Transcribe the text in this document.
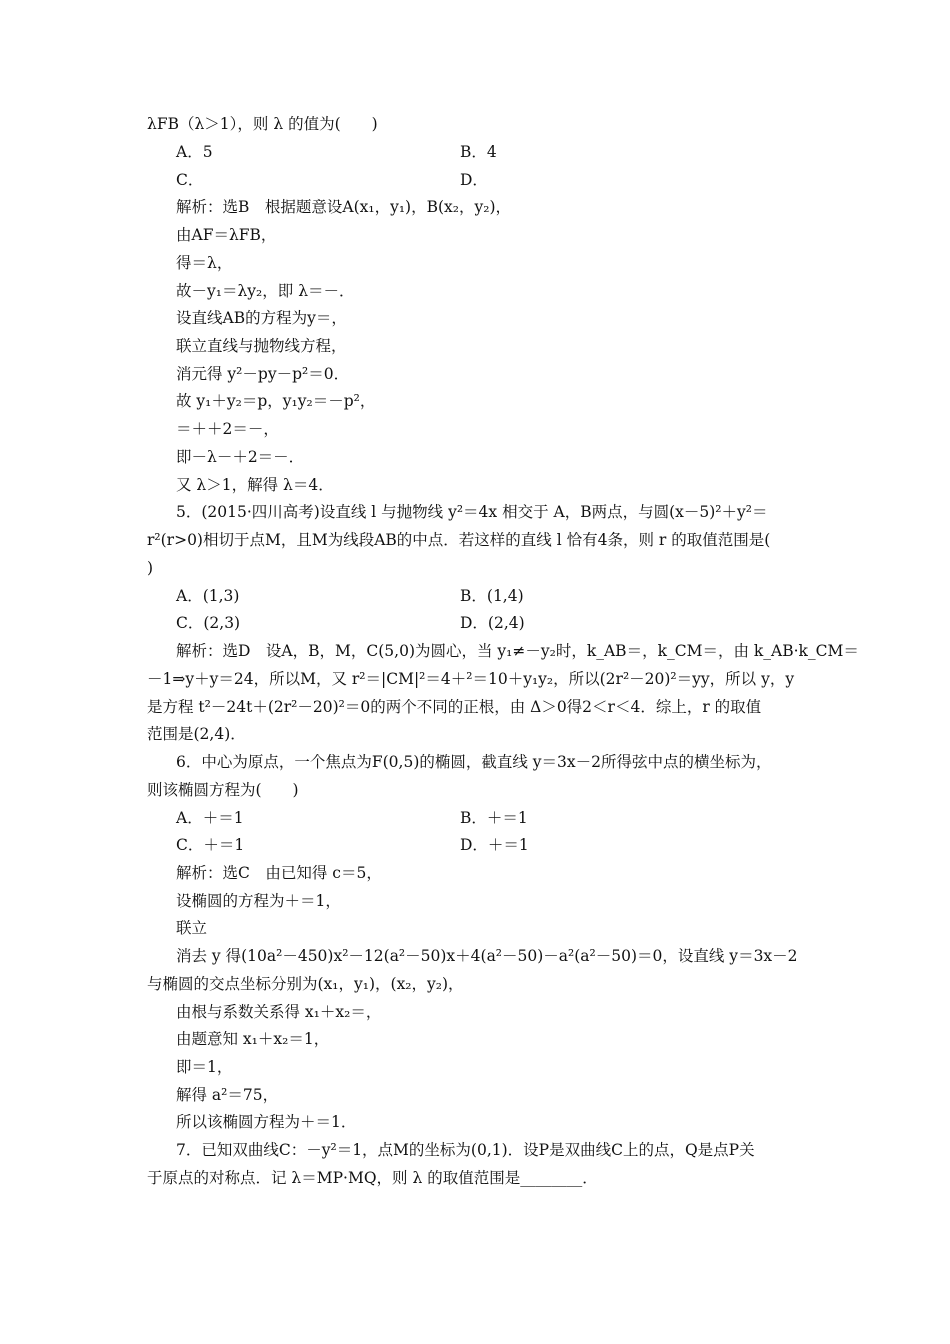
λFB（λ＞1），则 λ 的值为(　　)
A．5	B．4
C．	D．
解析：选B　根据题意设A(x₁，y₁)，B(x₂，y₂)，
由AF＝λFB，
得＝λ，
故－y₁＝λy₂，即 λ＝－．
设直线AB的方程为y＝，
联立直线与抛物线方程，
消元得 y²－py－p²＝0．
故 y₁＋y₂＝p，y₁y₂＝－p²，
＝＋＋2＝－，
即－λ－＋2＝－．
又 λ＞1，解得 λ＝4．
5．(2015·四川高考)设直线 l 与抛物线 y²＝4x 相交于 A，B两点，与圆(x－5)²＋y²＝
r²(r>0)相切于点M，且M为线段AB的中点．若这样的直线 l 恰有4条，则 r 的取值范围是(
)
A．(1,3)	B．(1,4)
C．(2,3)	D．(2,4)
解析：选D　设A，B，M，C(5,0)为圆心，当 y₁≠－y₂时，k_AB＝，k_CM＝，由 k_AB·k_CM＝
－1⇒y＋y＝24，所以M，又 r²＝|CM|²＝4＋²＝10＋y₁y₂，所以(2r²－20)²＝yy，所以 y，y
是方程 t²－24t＋(2r²－20)²＝0的两个不同的正根，由 Δ＞0得2＜r＜4．综上，r 的取值
范围是(2,4)．
6．中心为原点，一个焦点为F(0,5)的椭圆，截直线 y＝3x－2所得弦中点的横坐标为，
则该椭圆方程为(　　)
A．＋＝1	B．＋＝1
C．＋＝1	D．＋＝1
解析：选C　由已知得 c＝5，
设椭圆的方程为＋＝1，
联立
消去 y 得(10a²－450)x²－12(a²－50)x＋4(a²－50)－a²(a²－50)＝0，设直线 y＝3x－2
与椭圆的交点坐标分别为(x₁，y₁)，(x₂，y₂)，
由根与系数关系得 x₁＋x₂＝，
由题意知 x₁＋x₂＝1，
即＝1，
解得 a²＝75，
所以该椭圆方程为＋＝1．
7．已知双曲线C：－y²＝1，点M的坐标为(0,1)．设P是双曲线C上的点，Q是点P关
于原点的对称点．记 λ＝MP·MQ，则 λ 的取值范围是________．
